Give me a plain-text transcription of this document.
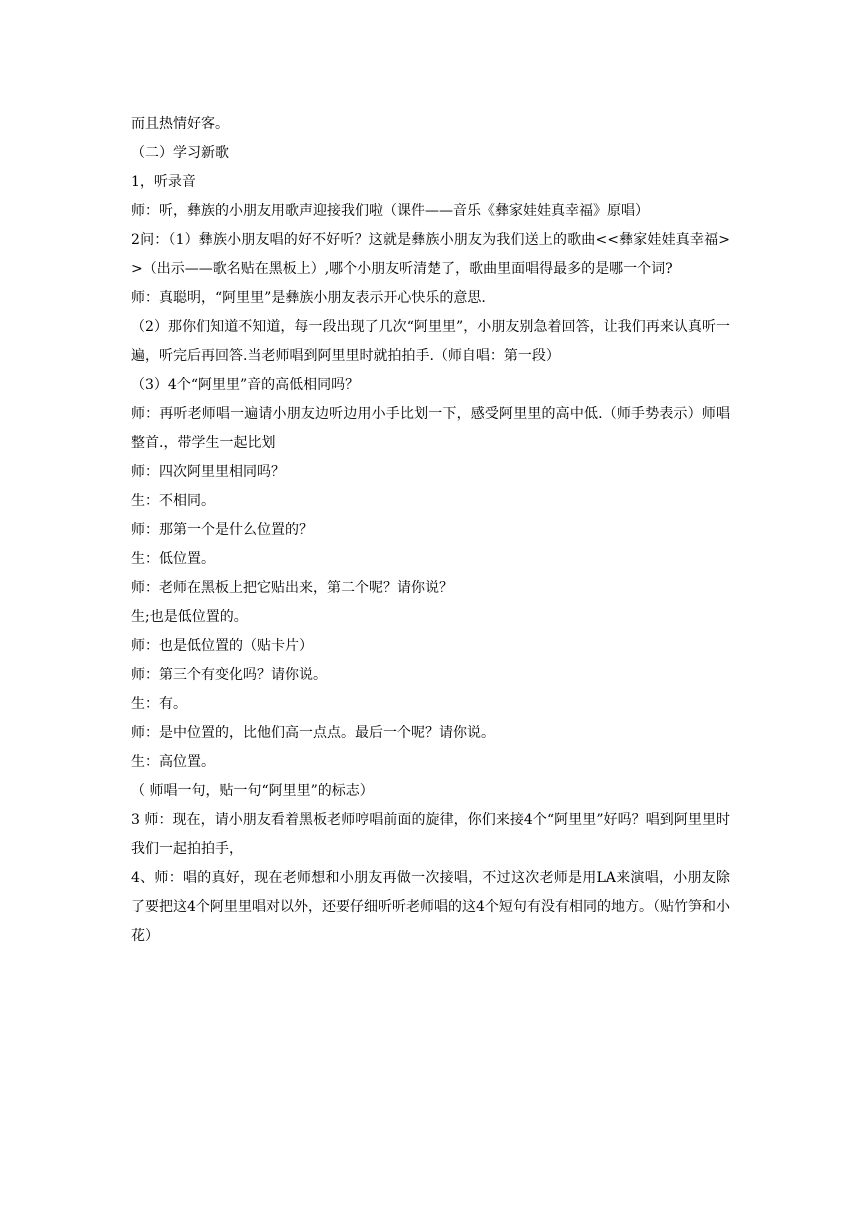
而且热情好客。

（二）学习新歌

1，听录音

师：听，彝族的小朋友用歌声迎接我们啦（课件——音乐《彝家娃娃真幸福》原唱）

2问：（1）彝族小朋友唱的好不好听？这就是彝族小朋友为我们送上的歌曲<<彝家娃娃真幸福>>（出示——歌名贴在黑板上）,哪个小朋友听清楚了，歌曲里面唱得最多的是哪一个词?

师：真聪明，“阿里里”是彝族小朋友表示开心快乐的意思.

（2）那你们知道不知道，每一段出现了几次“阿里里”，小朋友别急着回答，让我们再来认真听一遍，听完后再回答.当老师唱到阿里里时就拍拍手.（师自唱：第一段）

（3）4个“阿里里”音的高低相同吗？

师：再听老师唱一遍请小朋友边听边用小手比划一下，感受阿里里的高中低.（师手势表示）师唱整首.，带学生一起比划

师：四次阿里里相同吗？

生：不相同。

师：那第一个是什么位置的？

生：低位置。

师：老师在黑板上把它贴出来，第二个呢？请你说？

生;也是低位置的。

师：也是低位置的（贴卡片）

师：第三个有变化吗？请你说。

生：有。

师：是中位置的，比他们高一点点。最后一个呢？请你说。

生：高位置。

（ 师唱一句，贴一句“阿里里”的标志）

3 师：现在，请小朋友看着黑板老师哼唱前面的旋律，你们来接4个“阿里里”好吗？唱到阿里里时我们一起拍拍手，

4、师：唱的真好，现在老师想和小朋友再做一次接唱，不过这次老师是用LA来演唱，小朋友除了要把这4个阿里里唱对以外，还要仔细听听老师唱的这4个短句有没有相同的地方。（贴竹笋和小花）
